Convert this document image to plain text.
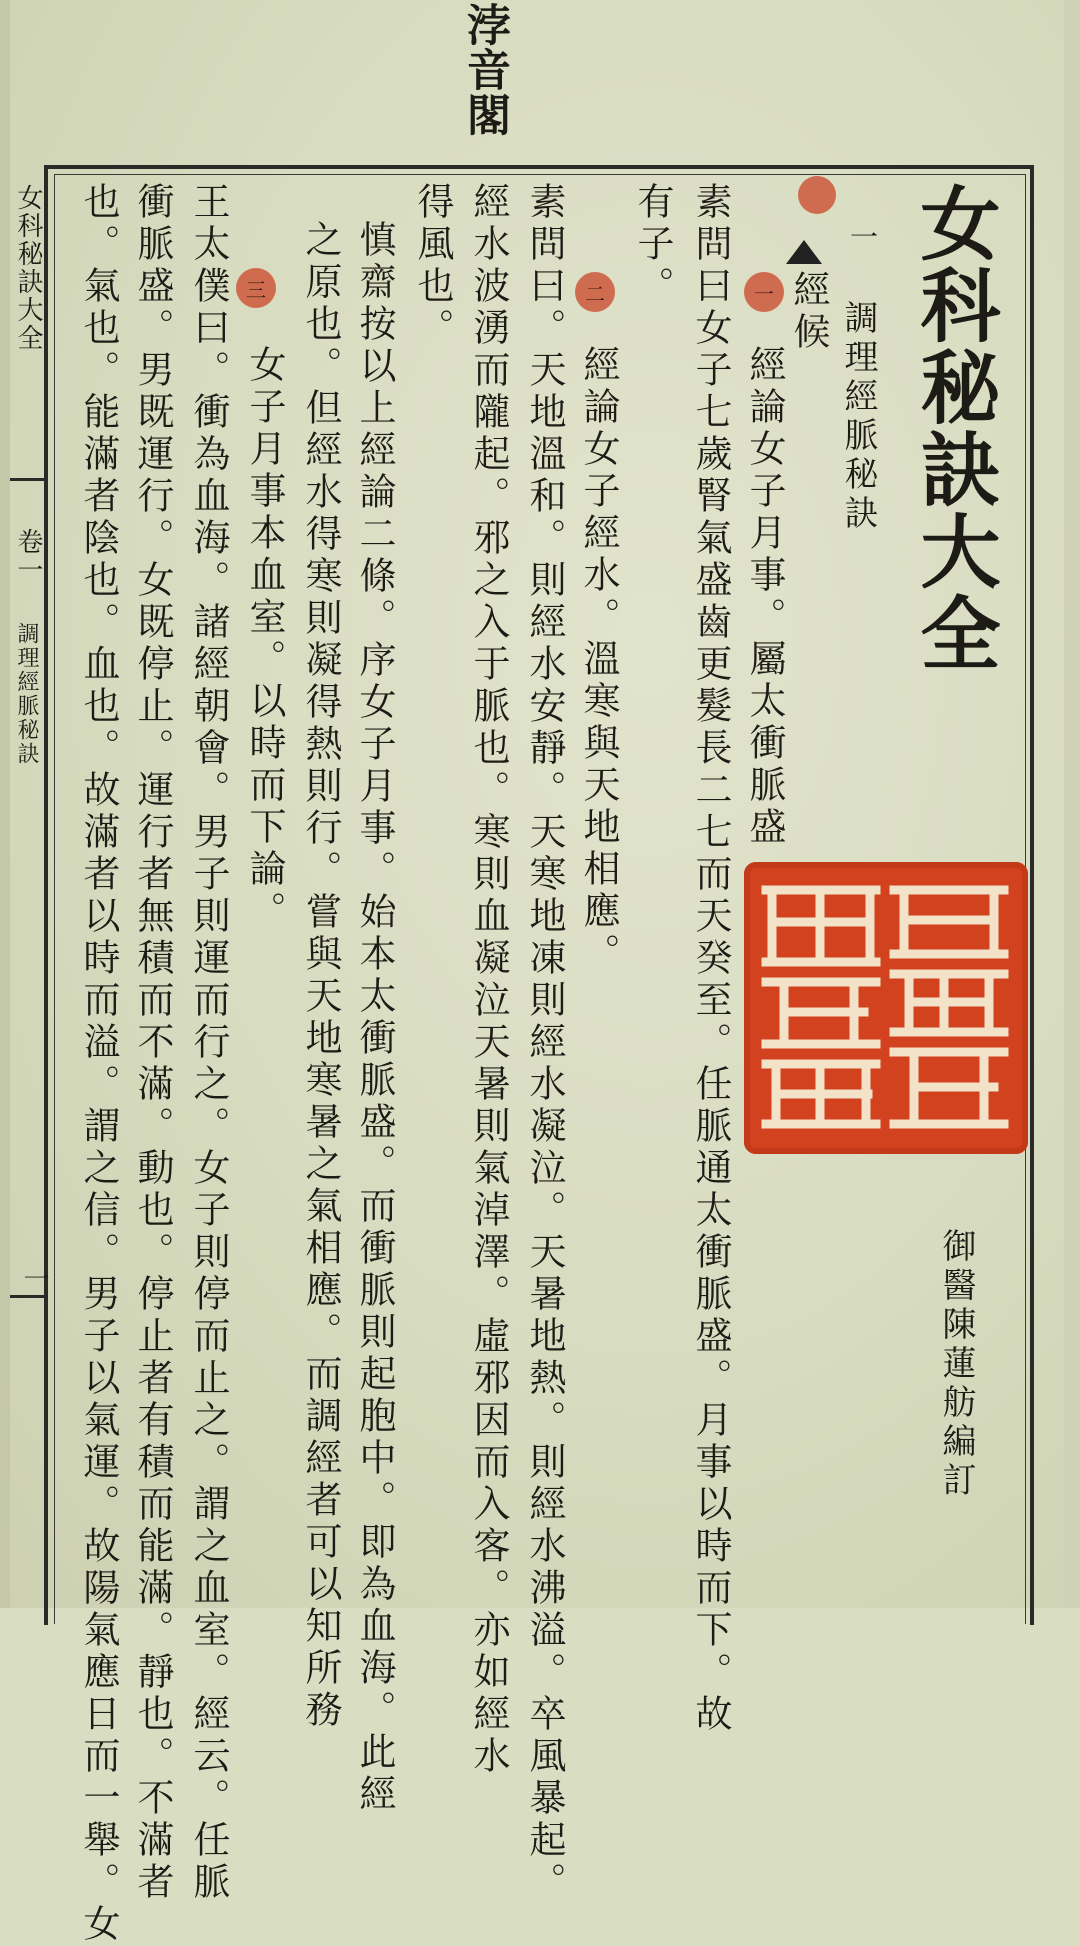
浡音閣
女科秘訣大全
一
調理經脈秘訣
經候
一
二
三
經論女子月事。屬太衝脈盛
素問曰女子七歲腎氣盛齒更髮長二七而天癸至。任脈通太衝脈盛。月事以時而下。故
有子。
經論女子經水。溫寒與天地相應。
素問曰。天地溫和。則經水安靜。天寒地凍則經水凝泣。天暑地熱。則經水沸溢。卒風暴起。
經水波湧而隴起。邪之入于脈也。寒則血凝泣天暑則氣淖澤。虛邪因而入客。亦如經水
得風也。
慎齋按以上經論二條。序女子月事。始本太衝脈盛。而衝脈則起胞中。即為血海。此經
之原也。但經水得寒則凝得熱則行。嘗與天地寒暑之氣相應。而調經者可以知所務
女子月事本血室。以時而下論。
王太僕曰。衝為血海。諸經朝會。男子則運而行之。女子則停而止之。謂之血室。經云。任脈
衝脈盛。男既運行。女既停止。運行者無積而不滿。動也。停止者有積而能滿。靜也。不滿者
也。氣也。能滿者陰也。血也。故滿者以時而溢。謂之信。男子以氣運。故陽氣應日而一舉。女	御醫陳蓮舫編訂
女科秘訣大全
卷一
調理經脈秘訣
一
